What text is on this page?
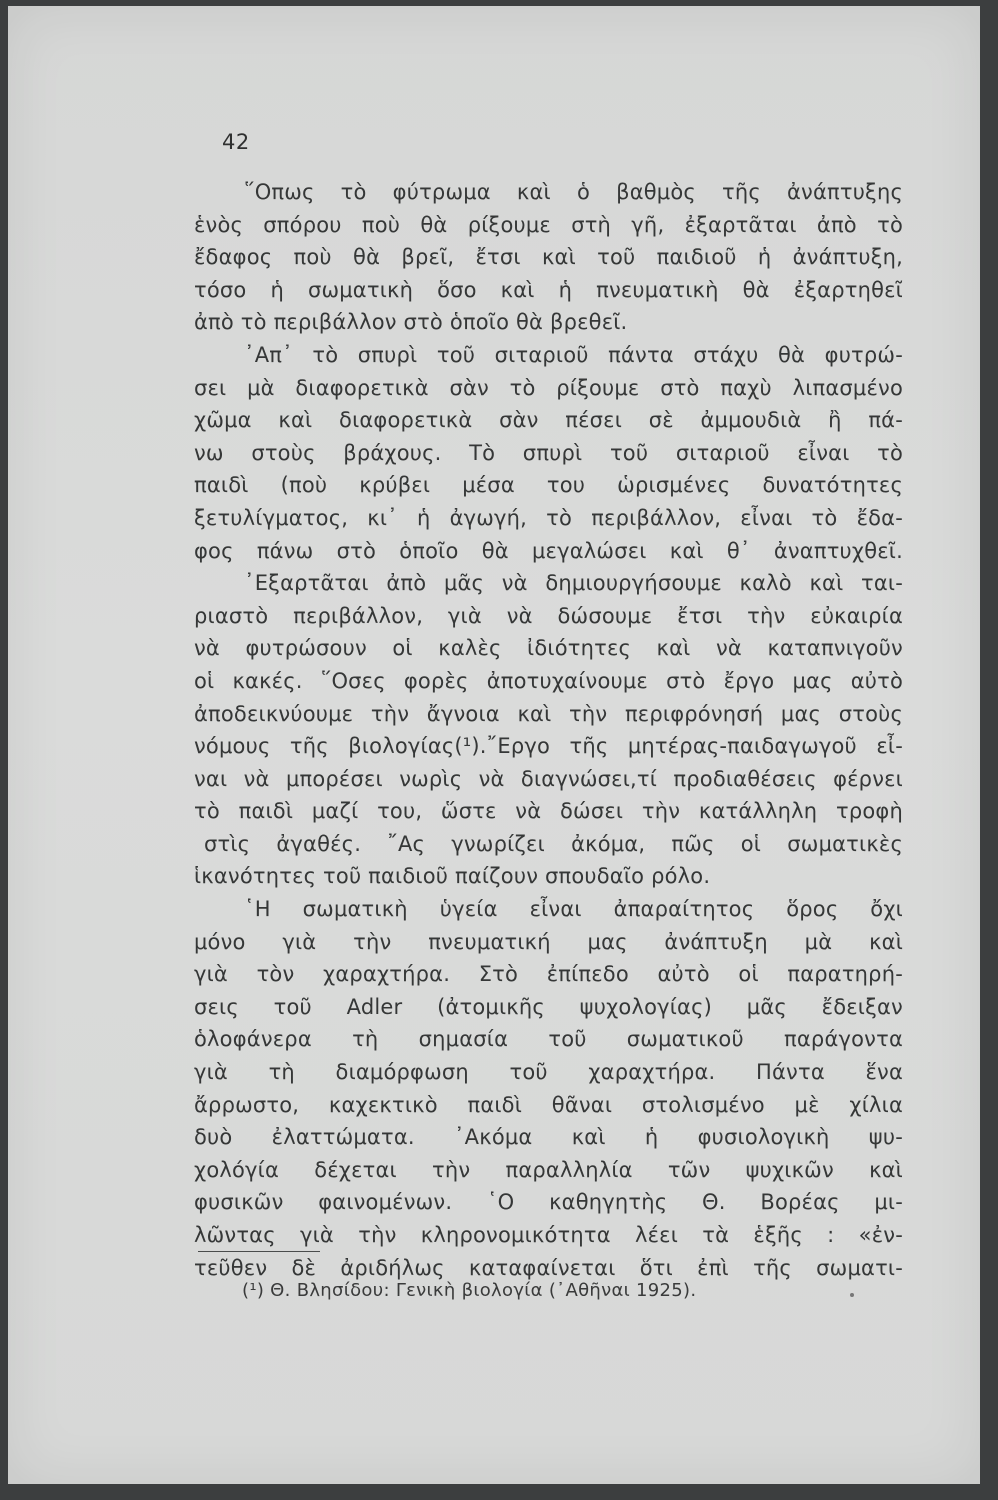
42
῞Οπως τὸ φύτρωμα καὶ ὁ βαθμὸς τῆς ἀνάπτυξης
ἑνὸς σπόρου ποὺ θὰ ρίξουμε στὴ γῆ, ἐξαρτᾶται ἀπὸ τὸ
ἔδαφος ποὺ θὰ βρεῖ, ἔτσι καὶ τοῦ παιδιοῦ ἡ ἀνάπτυξη,
τόσο ἡ σωματικὴ ὅσο καὶ ἡ πνευματικὴ θὰ ἐξαρτηθεῖ
ἀπὸ τὸ περιβάλλον στὸ ὁποῖο θὰ βρεθεῖ.
᾿Απ᾿ τὸ σπυρὶ τοῦ σιταριοῦ πάντα στάχυ θὰ φυτρώ-
σει μὰ διαφορετικὰ σὰν τὸ ρίξουμε στὸ παχὺ λιπασμένο
χῶμα καὶ διαφορετικὰ σὰν πέσει σὲ ἀμμουδιὰ ἢ πά-
νω στοὺς βράχους. Τὸ σπυρὶ τοῦ σιταριοῦ εἶναι τὸ
παιδὶ (ποὺ κρύβει μέσα του ὡρισμένες δυνατότητες
ξετυλίγματος, κι᾿ ἡ ἀγωγή, τὸ περιβάλλον, εἶναι τὸ ἔδα-
φος πάνω στὸ ὁποῖο θὰ μεγαλώσει καὶ θ᾿ ἀναπτυχθεῖ.
᾿Εξαρτᾶται ἀπὸ μᾶς νὰ δημιουργήσουμε καλὸ καὶ ται-
ριαστὸ περιβάλλον, γιὰ νὰ δώσουμε ἔτσι τὴν εὐκαιρία
νὰ φυτρώσουν οἱ καλὲς ἰδιότητες καὶ νὰ καταπνιγοῦν
οἱ κακές. ῞Οσες φορὲς ἀποτυχαίνουμε στὸ ἔργο μας αὐτὸ
ἀποδεικνύουμε τὴν ἄγνοια καὶ τὴν περιφρόνησή μας στοὺς
νόμους τῆς βιολογίας(¹).῎Εργο τῆς μητέρας-παιδαγωγοῦ εἶ-
ναι νὰ μπορέσει νωρὶς νὰ διαγνώσει,τί προδιαθέσεις φέρνει
τὸ παιδὶ μαζί του, ὥστε νὰ δώσει τὴν κατάλληλη τροφὴ
στὶς ἀγαθές. ῎Ας γνωρίζει ἀκόμα, πῶς οἱ σωματικὲς
ἱκανότητες τοῦ παιδιοῦ παίζουν σπουδαῖο ρόλο.
῾Η σωματικὴ ὑγεία εἶναι ἀπαραίτητος ὅρος ὄχι
μόνο γιὰ τὴν πνευματική μας ἀνάπτυξη μὰ καὶ
γιὰ τὸν χαραχτήρα. Στὸ ἐπίπεδο αὐτὸ οἱ παρατηρή-
σεις τοῦ Adler (ἀτομικῆς ψυχολογίας) μᾶς ἔδειξαν
ὁλοφάνερα τὴ σημασία τοῦ σωματικοῦ παράγοντα
γιὰ τὴ διαμόρφωση τοῦ χαραχτήρα. Πάντα ἕνα
ἄρρωστο, καχεκτικὸ παιδὶ θᾶναι στολισμένο μὲ χίλια
δυὸ ἐλαττώματα. ᾿Ακόμα καὶ ἡ φυσιολογικὴ ψυ-
χολόγία δέχεται τὴν παραλληλία τῶν ψυχικῶν καὶ
φυσικῶν φαινομένων. ῾Ο καθηγητὴς Θ. Βορέας μι-
λῶντας γιὰ τὴν κληρονομικότητα λέει τὰ ἑξῆς : «ἐν-
τεῦθεν δὲ ἀριδήλως καταφαίνεται ὅτι ἐπὶ τῆς σωματι-
(¹) Θ. Βλησίδου: Γενικὴ βιολογία (᾿Αθῆναι 1925).
